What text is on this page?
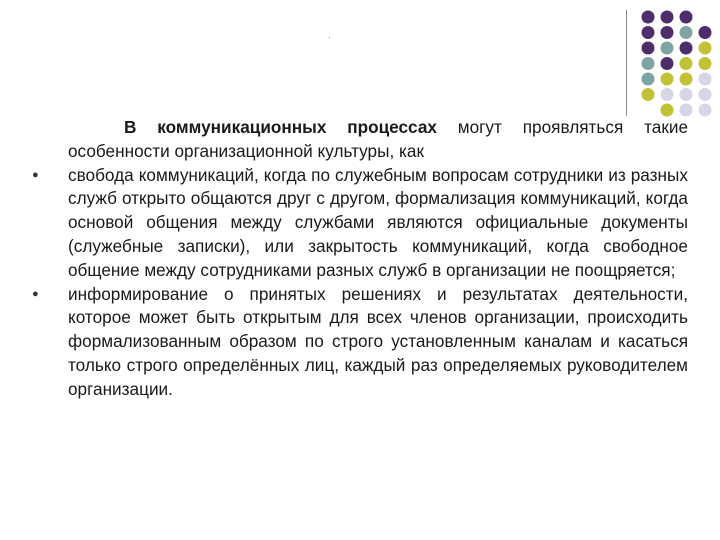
.

В коммуникационных процессах могут проявляться такие особенности организационной культуры, как

● свобода коммуникаций, когда по служебным вопросам сотрудники из разных служб открыто общаются друг с другом, формализация коммуникаций, когда основой общения между службами являются официальные документы (служебные записки), или закрытость коммуникаций, когда свободное общение между сотрудниками разных служб в организации не поощряется;

● информирование о принятых решениях и результатах деятельности, которое может быть открытым для всех членов организации, происходить формализованным образом по строго установленным каналам и касаться только строго определённых лиц, каждый раз определяемых руководителем организации.
